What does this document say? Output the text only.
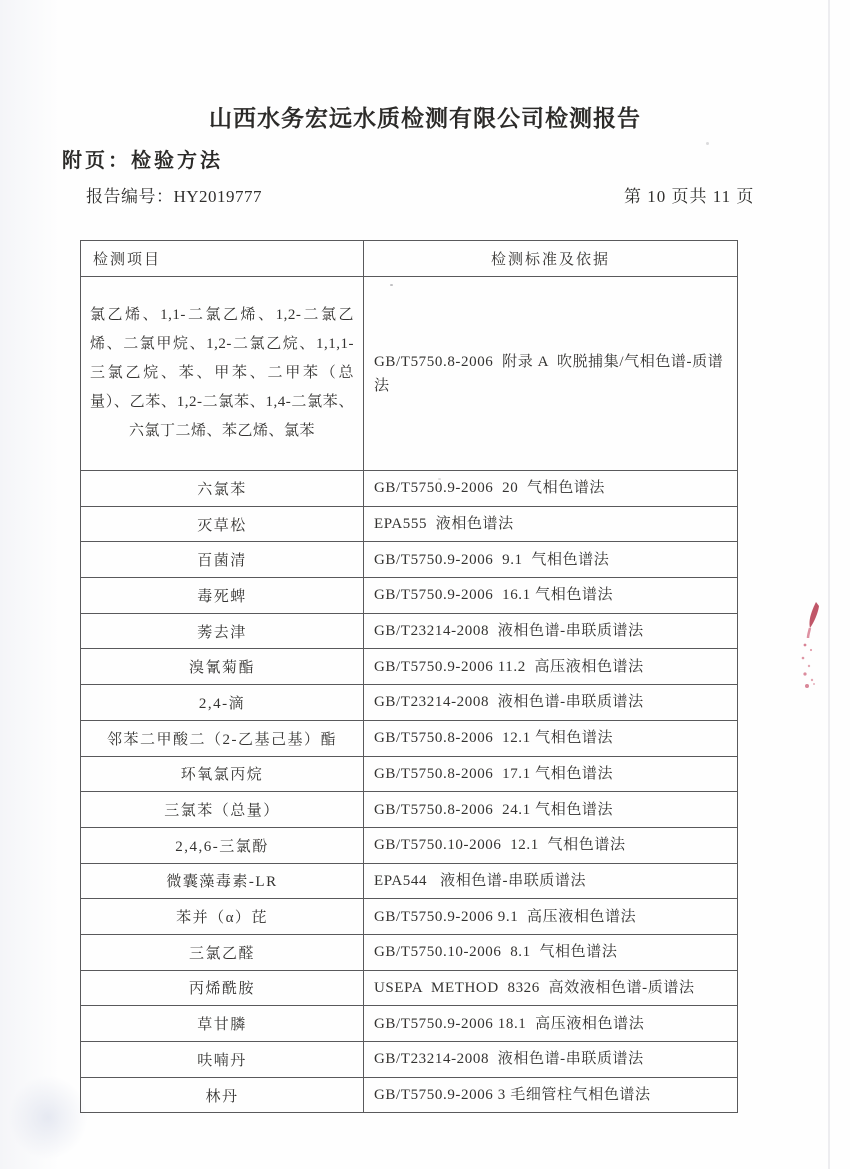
山西水务宏远水质检测有限公司检测报告
附页：检验方法
报告编号：HY2019777	第 10 页共 11 页
检测项目	检测标准及依据
氯乙烯、1,1-二氯乙烯、1,2-二氯乙烯、二氯甲烷、1,2-二氯乙烷、1,1,1-三氯乙烷、苯、甲苯、二甲苯（总量）、乙苯、1,2-二氯苯、1,4-二氯苯、六氯丁二烯、苯乙烯、氯苯	GB/T5750.8-2006  附录 A  吹脱捕集/气相色谱-质谱法
六氯苯	GB/T5750.9-2006  20  气相色谱法
灭草松	EPA555  液相色谱法
百菌清	GB/T5750.9-2006  9.1  气相色谱法
毒死蜱	GB/T5750.9-2006  16.1 气相色谱法
莠去津	GB/T23214-2008  液相色谱-串联质谱法
溴氰菊酯	GB/T5750.9-2006 11.2  高压液相色谱法
2,4-滴	GB/T23214-2008  液相色谱-串联质谱法
邻苯二甲酸二（2-乙基己基）酯	GB/T5750.8-2006  12.1 气相色谱法
环氧氯丙烷	GB/T5750.8-2006  17.1 气相色谱法
三氯苯（总量）	GB/T5750.8-2006  24.1 气相色谱法
2,4,6-三氯酚	GB/T5750.10-2006  12.1  气相色谱法
微囊藻毒素-LR	EPA544   液相色谱-串联质谱法
苯并（α）芘	GB/T5750.9-2006 9.1  高压液相色谱法
三氯乙醛	GB/T5750.10-2006  8.1  气相色谱法
丙烯酰胺	USEPA  METHOD  8326  高效液相色谱-质谱法
草甘膦	GB/T5750.9-2006 18.1  高压液相色谱法
呋喃丹	GB/T23214-2008  液相色谱-串联质谱法
林丹	GB/T5750.9-2006 3 毛细管柱气相色谱法
